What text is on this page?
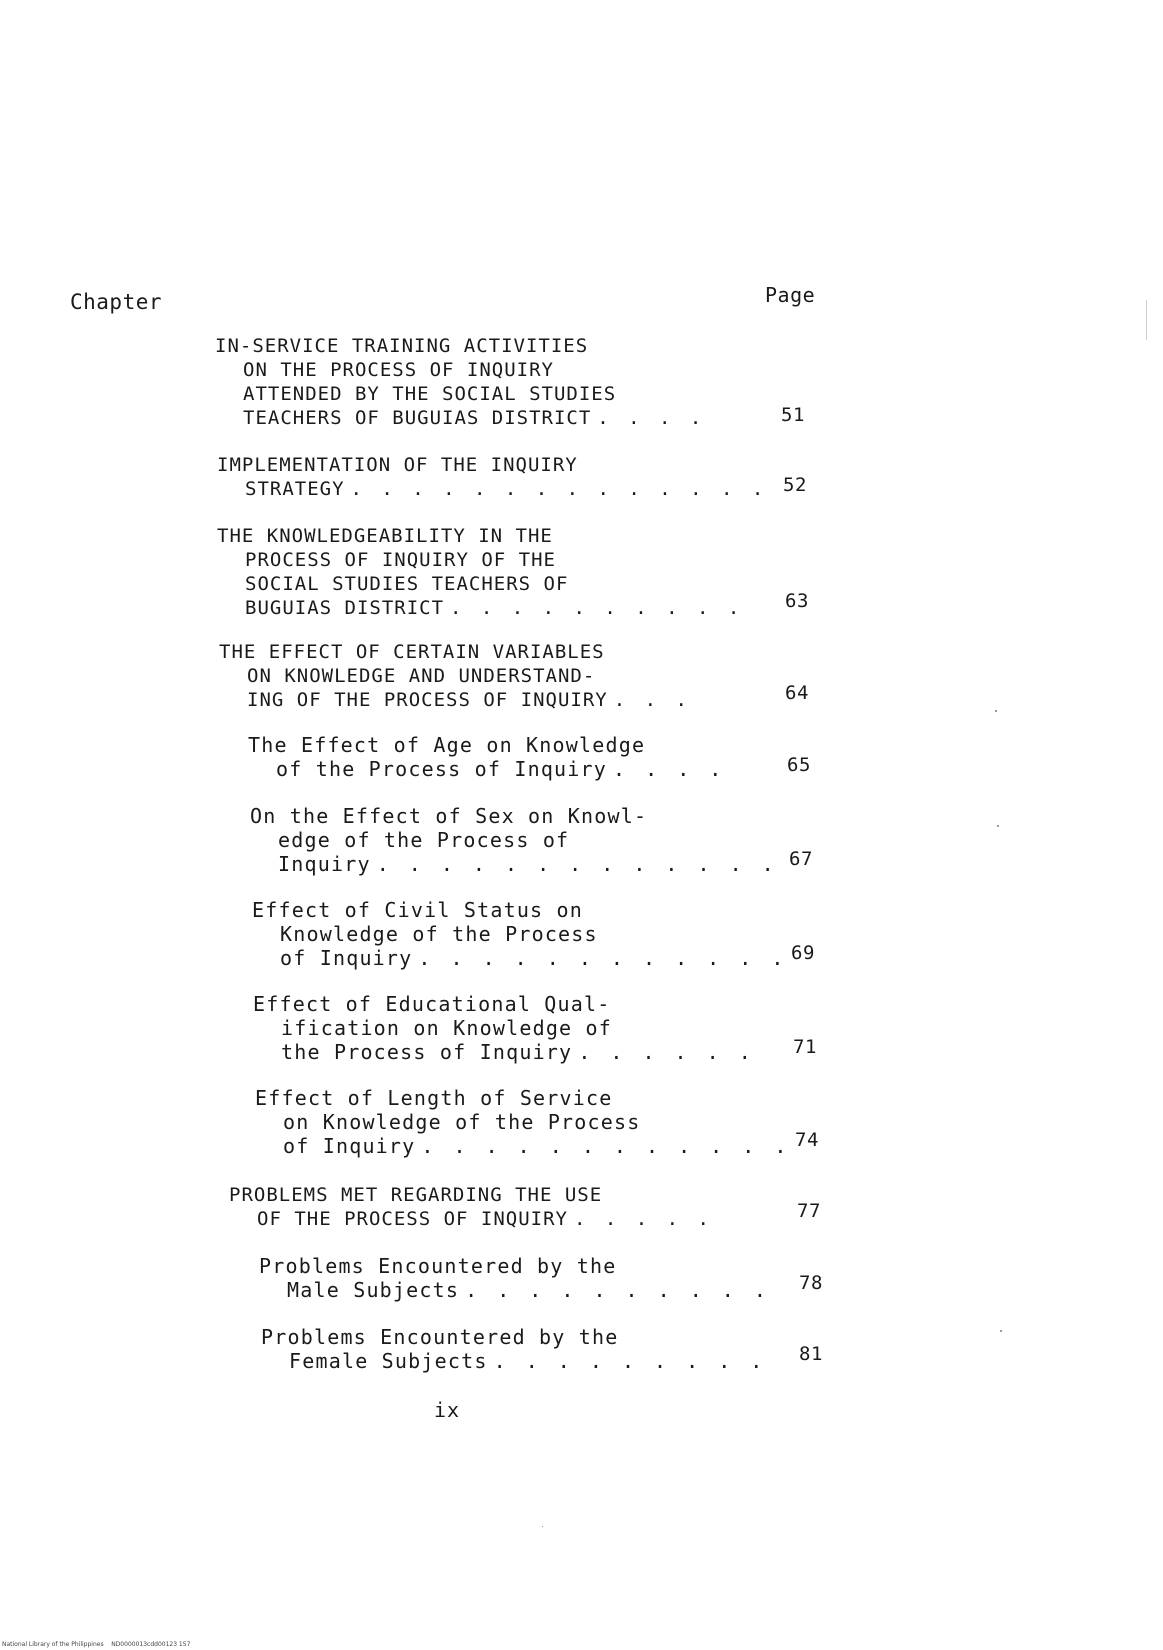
Chapter	Page
IN-SERVICE TRAINING ACTIVITIES
ON THE PROCESS OF INQUIRY
ATTENDED BY THE SOCIAL STUDIES
TEACHERS OF BUGUIAS DISTRICT . . . .	51
IMPLEMENTATION OF THE INQUIRY
STRATEGY . . . . . . . . . . . . . . 52
THE KNOWLEDGEABILITY IN THE
PROCESS OF INQUIRY OF THE
SOCIAL STUDIES TEACHERS OF
BUGUIAS DISTRICT . . . . . . . . . .	63
THE EFFECT OF CERTAIN VARIABLES
ON KNOWLEDGE AND UNDERSTAND-
ING OF THE PROCESS OF INQUIRY . . .	64
The Effect of Age on Knowledge
of the Process of Inquiry . . . .	65
On the Effect of Sex on Knowl-
edge of the Process of
Inquiry . . . . . . . . . . . . . 67
Effect of Civil Status on
Knowledge of the Process
of Inquiry . . . . . . . . . . . . 69
Effect of Educational Qual-
ification on Knowledge of
the Process of Inquiry . . . . . .	71
Effect of Length of Service
on Knowledge of the Process
of Inquiry . . . . . . . . . . . . 74
PROBLEMS MET REGARDING THE USE
OF THE PROCESS OF INQUIRY . . . . .	77
Problems Encountered by the
Male Subjects . . . . . . . . . .	78
Problems Encountered by the
Female Subjects . . . . . . . . .	81
ix
National Library of the Philippines    ND0000013cdd00123 157
